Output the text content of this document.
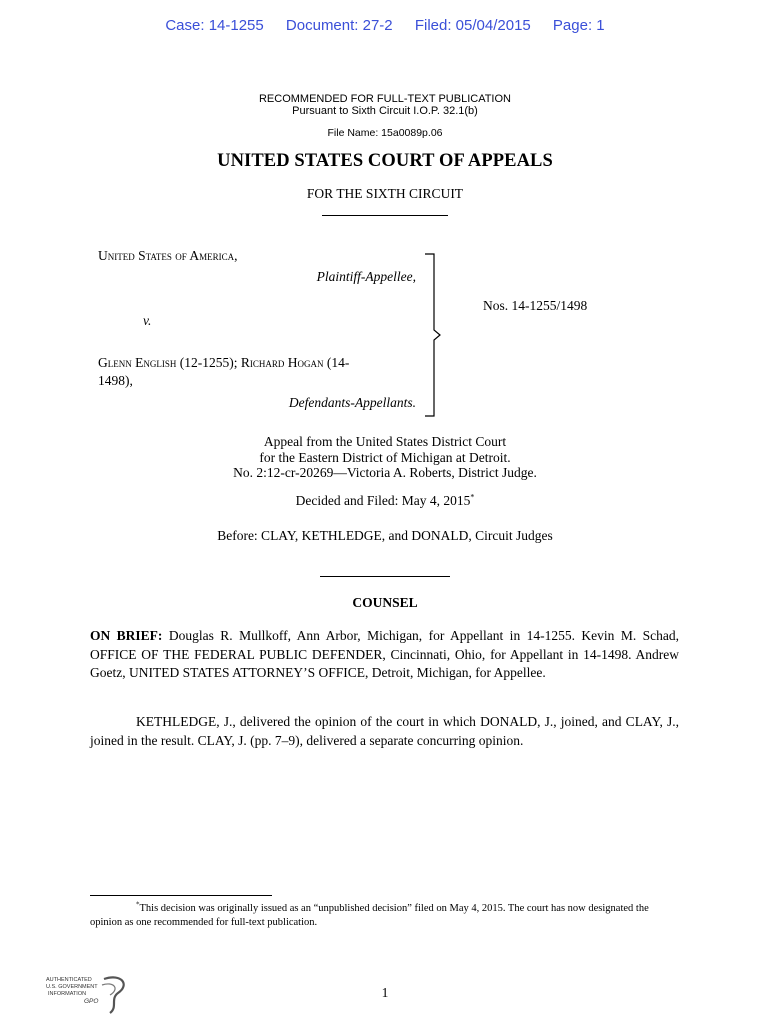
Case: 14-1255 Document: 27-2 Filed: 05/04/2015 Page: 1
RECOMMENDED FOR FULL-TEXT PUBLICATION
Pursuant to Sixth Circuit I.O.P. 32.1(b)
File Name: 15a0089p.06
UNITED STATES COURT OF APPEALS
FOR THE SIXTH CIRCUIT
United States of America,
Plaintiff-Appellee,
v.
Glenn English (12-1255); Richard Hogan (14-
1498),
Defendants-Appellants.
Nos. 14-1255/1498
Appeal from the United States District Court
for the Eastern District of Michigan at Detroit.
No. 2:12-cr-20269—Victoria A. Roberts, District Judge.
Decided and Filed: May 4, 2015*
Before: CLAY, KETHLEDGE, and DONALD, Circuit Judges
COUNSEL
ON BRIEF: Douglas R. Mullkoff, Ann Arbor, Michigan, for Appellant in 14-1255. Kevin M. Schad, OFFICE OF THE FEDERAL PUBLIC DEFENDER, Cincinnati, Ohio, for Appellant in 14-1498. Andrew Goetz, UNITED STATES ATTORNEY’S OFFICE, Detroit, Michigan, for Appellee.
KETHLEDGE, J., delivered the opinion of the court in which DONALD, J., joined, and CLAY, J., joined in the result. CLAY, J. (pp. 7–9), delivered a separate concurring opinion.
*This decision was originally issued as an “unpublished decision” filed on May 4, 2015. The court has now designated the opinion as one recommended for full-text publication.
AUTHENTICATED
U.S. GOVERNMENT
INFORMATION
GPO
1
